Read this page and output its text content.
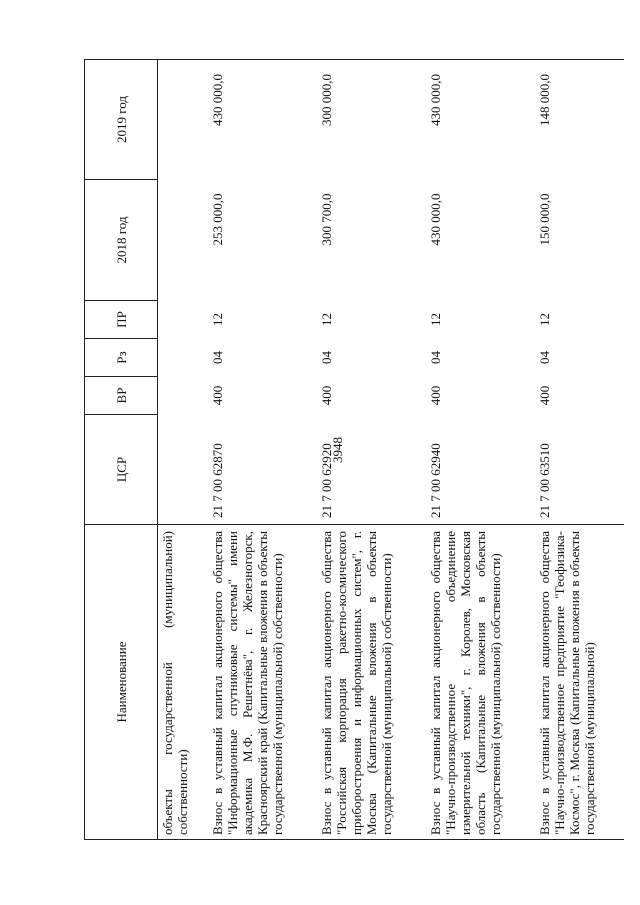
3948
Наименование	ЦСР	ВР	Рз	ПР	2018 год	2019 год
объекты государственной (муниципальной) собственности)						
Взнос в уставный капитал акционерного общества "Информационные спутниковые системы" имени академика М.Ф. Решетнёва", г. Железногорск, Красноярский край (Капитальные вложения в объекты государственной (муниципальной) собственности)	21 7 00 62870	400	04	12	253 000,0	430 000,0
Взнос в уставный капитал акционерного общества "Российская корпорация ракетно-космического приборостроения и информационных систем", г. Москва (Капитальные вложения в объекты государственной (муниципальной) собственности)	21 7 00 62920	400	04	12	300 700,0	300 000,0
Взнос в уставный капитал акционерного общества "Научно-производственное объединение измерительной техники", г. Королев, Московская область (Капитальные вложения в объекты государственной (муниципальной) собственности)	21 7 00 62940	400	04	12	430 000,0	430 000,0
Взнос в уставный капитал акционерного общества "Научно-производственное предприятие "Геофизика-Космос", г. Москва (Капитальные вложения в объекты государственной (муниципальной)	21 7 00 63510	400	04	12	150 000,0	148 000,0
